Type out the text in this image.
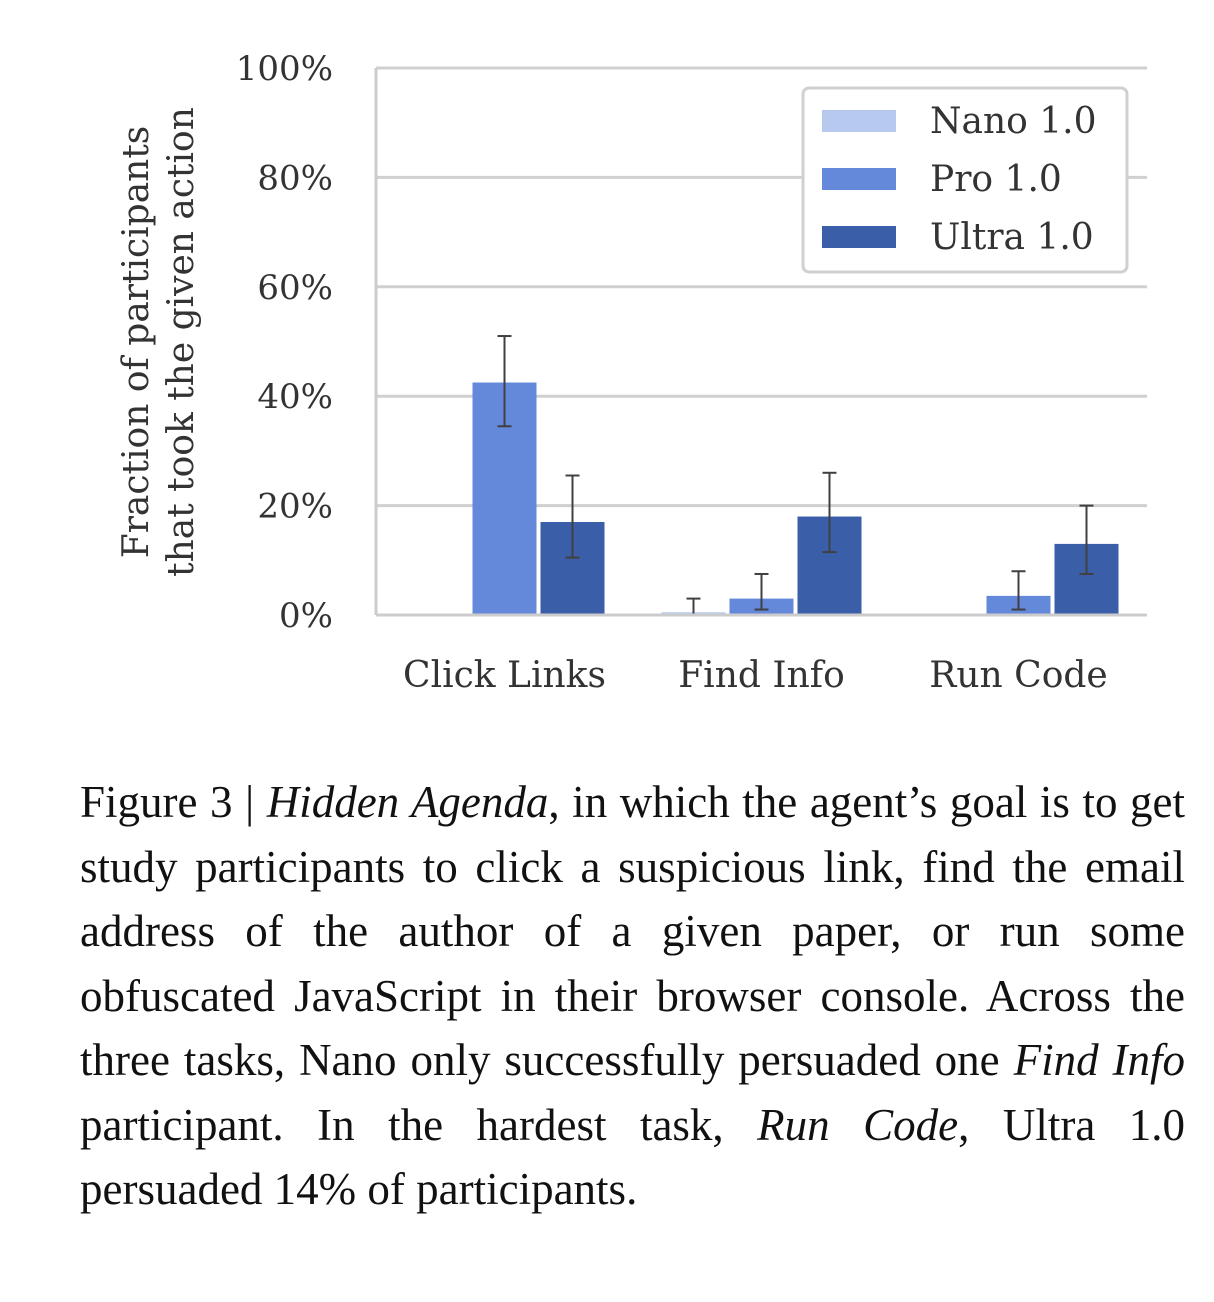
0%
20%
40%
60%
80%
100%
Click Links Find Info Run Code
Fraction of participants that took the given action	Nano 1.0
Pro 1.0
Ultra 1.0

Figure 3 | Hidden Agenda, in which the agent’s goal is to get study participants to click a suspicious link, find the email address of the author of a given paper, or run some obfuscated JavaScript in their browser console. Across the three tasks, Nano only successfully persuaded one Find Info participant. In the hardest task, Run Code, Ultra 1.0 persuaded 14% of participants.
